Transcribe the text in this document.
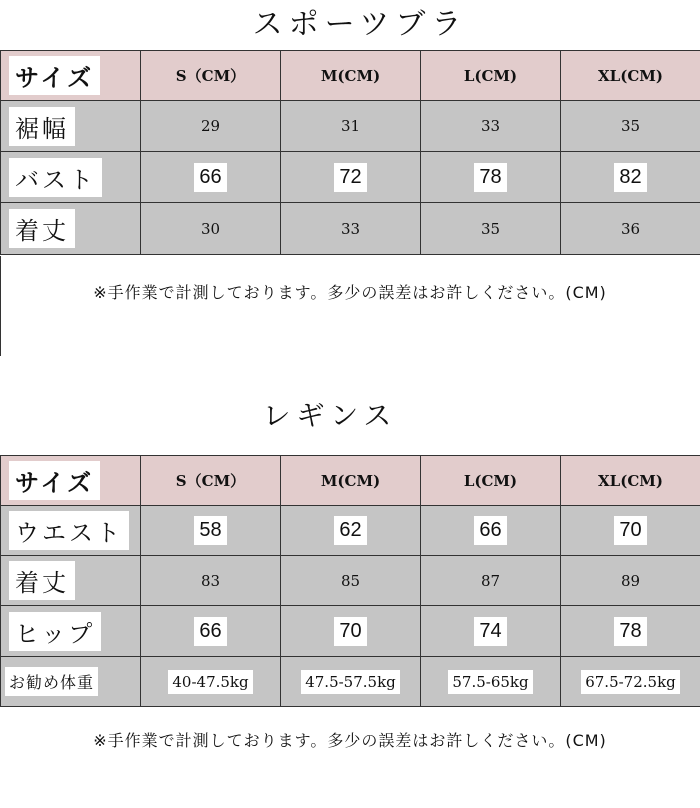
スポーツブラ
サイズ	S（CM）	M(CM)	L(CM)	XL(CM)
裾幅	29	31	33	35
バスト	66	72	78	82
着丈	30	33	35	36
※手作業で計測しております。多少の誤差はお許しください。(CM)
レギンス
サイズ	S（CM）	M(CM)	L(CM)	XL(CM)
ウエスト	58	62	66	70
着丈	83	85	87	89
ヒップ	66	70	74	78
お勧め体重	40-47.5kg	47.5-57.5kg	57.5-65kg	67.5-72.5kg
※手作業で計測しております。多少の誤差はお許しください。(CM)
